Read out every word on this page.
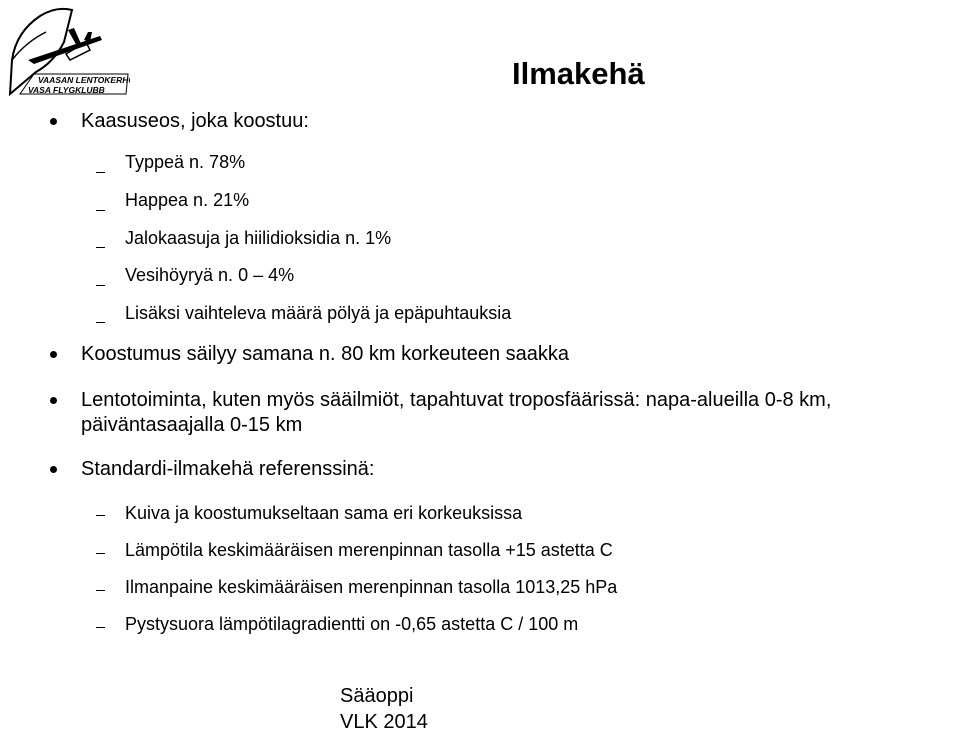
VAASAN LENTOKERHO
VASA FLYGKLUBB	Ilmakehä
Kaasuseos, joka koostuu:
Typpeä n. 78%
Happea n. 21%
Jalokaasuja ja hiilidioksidia n. 1%
Vesihöyryä n. 0 – 4%
Lisäksi vaihteleva määrä pölyä ja epäpuhtauksia
Koostumus säilyy samana n. 80 km korkeuteen saakka
Lentotoiminta, kuten myös sääilmiöt, tapahtuvat troposfäärissä: napa-alueilla 0-8 km,
päiväntasaajalla 0-15 km
Standardi-ilmakehä referenssinä:
Kuiva ja koostumukseltaan sama eri korkeuksissa
Lämpötila keskimääräisen merenpinnan tasolla +15 astetta C
Ilmanpaine keskimääräisen merenpinnan tasolla 1013,25 hPa
Pystysuora lämpötilagradientti on -0,65 astetta C / 100 m
Sääoppi
VLK 2014
